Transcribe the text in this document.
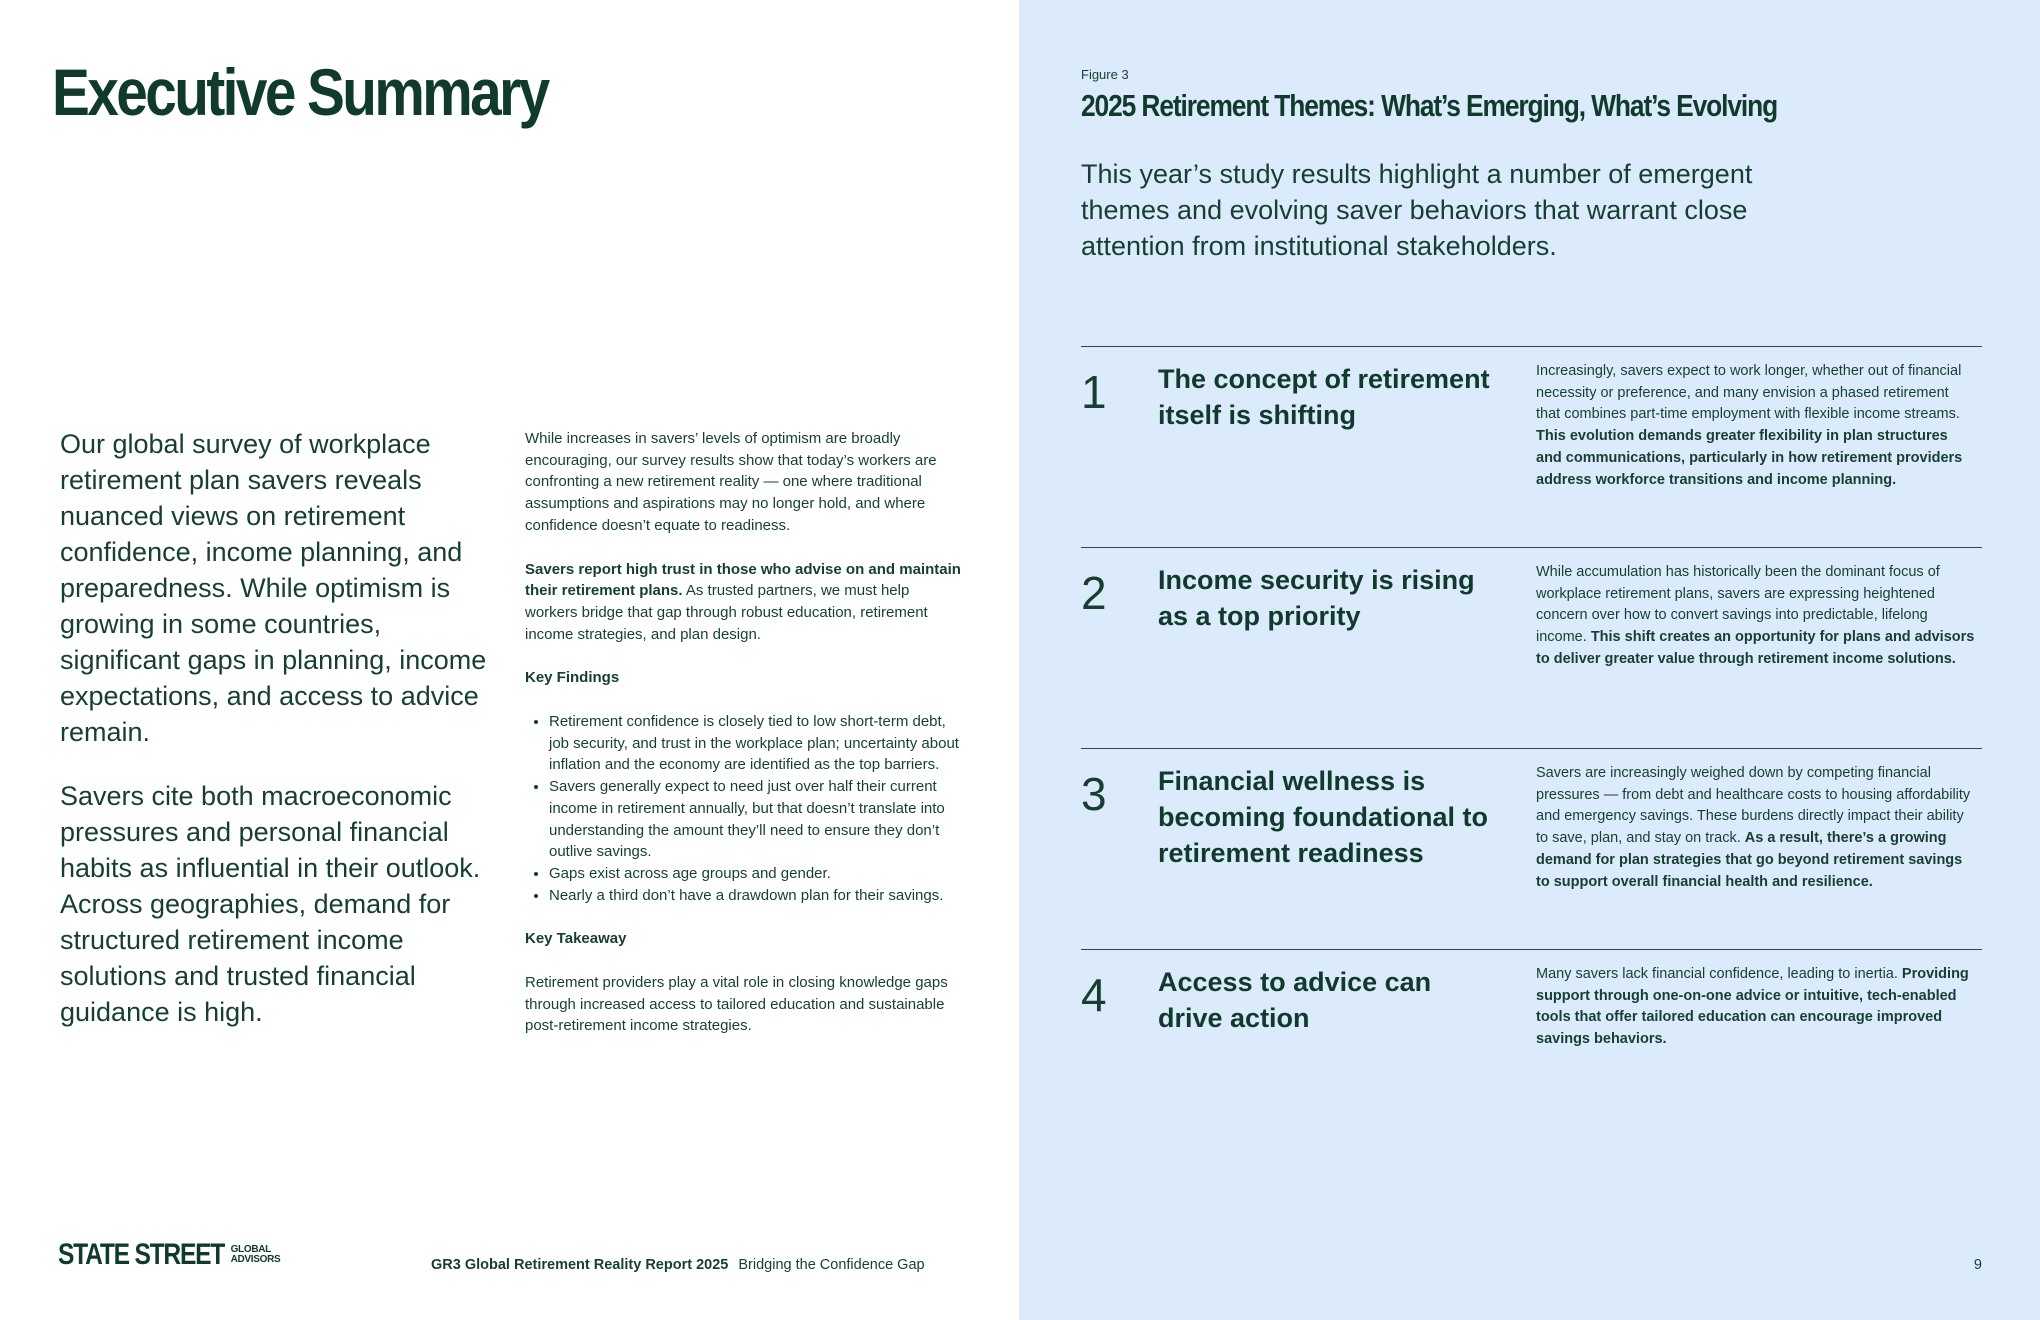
Executive Summary

Our global survey of workplace retirement plan savers reveals nuanced views on retirement confidence, income planning, and preparedness. While optimism is growing in some countries, significant gaps in planning, income expectations, and access to advice remain.

Savers cite both macroeconomic pressures and personal financial habits as influential in their outlook. Across geographies, demand for structured retirement income solutions and trusted financial guidance is high.

While increases in savers’ levels of optimism are broadly encouraging, our survey results show that today’s workers are confronting a new retirement reality — one where traditional assumptions and aspirations may no longer hold, and where confidence doesn’t equate to readiness.

Savers report high trust in those who advise on and maintain their retirement plans. As trusted partners, we must help workers bridge that gap through robust education, retirement income strategies, and plan design.

Key Findings
• Retirement confidence is closely tied to low short-term debt, job security, and trust in the workplace plan; uncertainty about inflation and the economy are identified as the top barriers.
• Savers generally expect to need just over half their current income in retirement annually, but that doesn’t translate into understanding the amount they’ll need to ensure they don’t outlive savings.
• Gaps exist across age groups and gender.
• Nearly a third don’t have a drawdown plan for their savings.
Key Takeaway

Retirement providers play a vital role in closing knowledge gaps through increased access to tailored education and sustainable post-retirement income strategies.

STATE STREET GLOBAL ADVISORS	GR3 Global Retirement Reality Report 2025 Bridging the Confidence Gap
Figure 3
2025 Retirement Themes: What’s Emerging, What’s Evolving

This year’s study results highlight a number of emergent themes and evolving saver behaviors that warrant close attention from institutional stakeholders.

1 The concept of retirement itself is shifting

Increasingly, savers expect to work longer, whether out of financial necessity or preference, and many envision a phased retirement that combines part-time employment with flexible income streams. This evolution demands greater flexibility in plan structures and communications, particularly in how retirement providers address workforce transitions and income planning.

2 Income security is rising as a top priority

While accumulation has historically been the dominant focus of workplace retirement plans, savers are expressing heightened concern over how to convert savings into predictable, lifelong income. This shift creates an opportunity for plans and advisors to deliver greater value through retirement income solutions.

3 Financial wellness is becoming foundational to retirement readiness

Savers are increasingly weighed down by competing financial pressures — from debt and healthcare costs to housing affordability and emergency savings. These burdens directly impact their ability to save, plan, and stay on track. As a result, there’s a growing demand for plan strategies that go beyond retirement savings to support overall financial health and resilience.

4 Access to advice can drive action

Many savers lack financial confidence, leading to inertia. Providing support through one-on-one advice or intuitive, tech-enabled tools that offer tailored education can encourage improved savings behaviors.

9
